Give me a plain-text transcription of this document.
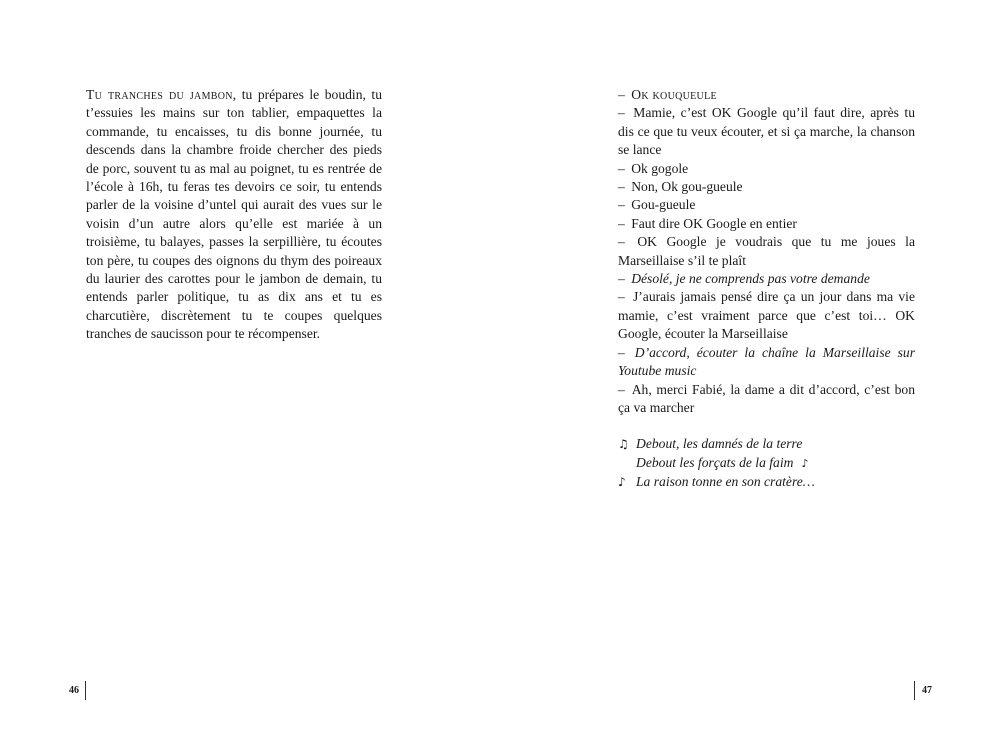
Tu tranches du jambon, tu prépares le boudin, tu t’essuies les mains sur ton tablier, empaquettes la commande, tu encaisses, tu dis bonne journée, tu descends dans la chambre froide chercher des pieds de porc, souvent tu as mal au poignet, tu es rentrée de l’école à 16h, tu feras tes devoirs ce soir, tu entends parler de la voisine d’untel qui aurait des vues sur le voisin d’un autre alors qu’elle est mariée à un troisième, tu balayes, passes la serpillière, tu écoutes ton père, tu coupes des oignons du thym des poireaux du laurier des carottes pour le jambon de demain, tu entends parler politique, tu as dix ans et tu es charcutière, discrètement tu te coupes quelques tranches de saucisson pour te récompenser.

– Ok kouqueule
– Mamie, c’est OK Google qu’il faut dire, après tu dis ce que tu veux écouter, et si ça marche, la chanson se lance
– Ok gogole
– Non, Ok gou-gueule
– Gou-gueule
– Faut dire OK Google en entier
– OK Google je voudrais que tu me joues la Marseillaise s’il te plaît
– Désolé, je ne comprends pas votre demande
– J’aurais jamais pensé dire ça un jour dans ma vie mamie, c’est vraiment parce que c’est toi… OK Google, écouter la Marseillaise
– D’accord, écouter la chaîne la Marseillaise sur Youtube music
– Ah, merci Fabié, la dame a dit d’accord, c’est bon ça va marcher
♫ Debout, les damnés de la terre
Debout les forçats de la faim ♪
♪ La raison tonne en son cratère…
46	47
